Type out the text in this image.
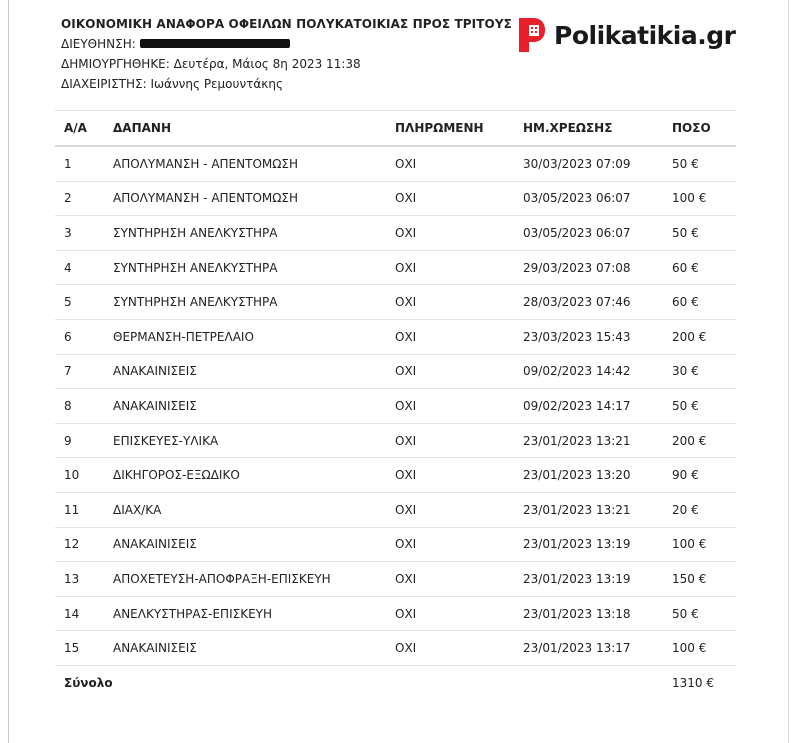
ΟΙΚΟΝΟΜΙΚΗ ΑΝΑΦΟΡΑ ΟΦΕΙΛΩΝ ΠΟΛΥΚΑΤΟΙΚΙΑΣ ΠΡΟΣ ΤΡΙΤΟΥΣ
ΔΙΕΥΘΗΝΣΗ:
ΔΗΜΙΟΥΡΓΗΘΗΚΕ: Δευτέρα, Μάιος 8η 2023 11:38
ΔΙΑΧΕΙΡΙΣΤΗΣ: Ιωάννης Ρεμουντάκης
Polikatikia.gr
Α/Α	ΔΑΠΑΝΗ	ΠΛΗΡΩΜΕΝΗ	ΗΜ.ΧΡΕΩΣΗΣ	ΠΟΣΟ
1	ΑΠΟΛΥΜΑΝΣΗ - ΑΠΕΝΤΟΜΩΣΗ	ΟΧΙ	30/03/2023 07:09	50 €
2	ΑΠΟΛΥΜΑΝΣΗ - ΑΠΕΝΤΟΜΩΣΗ	ΟΧΙ	03/05/2023 06:07	100 €
3	ΣΥΝΤΗΡΗΣΗ ΑΝΕΛΚΥΣΤΗΡΑ	ΟΧΙ	03/05/2023 06:07	50 €
4	ΣΥΝΤΗΡΗΣΗ ΑΝΕΛΚΥΣΤΗΡΑ	ΟΧΙ	29/03/2023 07:08	60 €
5	ΣΥΝΤΗΡΗΣΗ ΑΝΕΛΚΥΣΤΗΡΑ	ΟΧΙ	28/03/2023 07:46	60 €
6	ΘΕΡΜΑΝΣΗ-ΠΕΤΡΕΛΑΙΟ	ΟΧΙ	23/03/2023 15:43	200 €
7	ΑΝΑΚΑΙΝΙΣΕΙΣ	ΟΧΙ	09/02/2023 14:42	30 €
8	ΑΝΑΚΑΙΝΙΣΕΙΣ	ΟΧΙ	09/02/2023 14:17	50 €
9	ΕΠΙΣΚΕΥΕΣ-ΥΛΙΚΑ	ΟΧΙ	23/01/2023 13:21	200 €
10	ΔΙΚΗΓΟΡΟΣ-ΕΞΩΔΙΚΟ	ΟΧΙ	23/01/2023 13:20	90 €
11	ΔΙΑΧ/ΚΑ	ΟΧΙ	23/01/2023 13:21	20 €
12	ΑΝΑΚΑΙΝΙΣΕΙΣ	ΟΧΙ	23/01/2023 13:19	100 €
13	ΑΠΟΧΕΤΕΥΣΗ-ΑΠΟΦΡΑΞΗ-ΕΠΙΣΚΕΥΗ	ΟΧΙ	23/01/2023 13:19	150 €
14	ΑΝΕΛΚΥΣΤΗΡΑΣ-ΕΠΙΣΚΕΥΗ	ΟΧΙ	23/01/2023 13:18	50 €
15	ΑΝΑΚΑΙΝΙΣΕΙΣ	ΟΧΙ	23/01/2023 13:17	100 €
Σύνολο				1310 €
